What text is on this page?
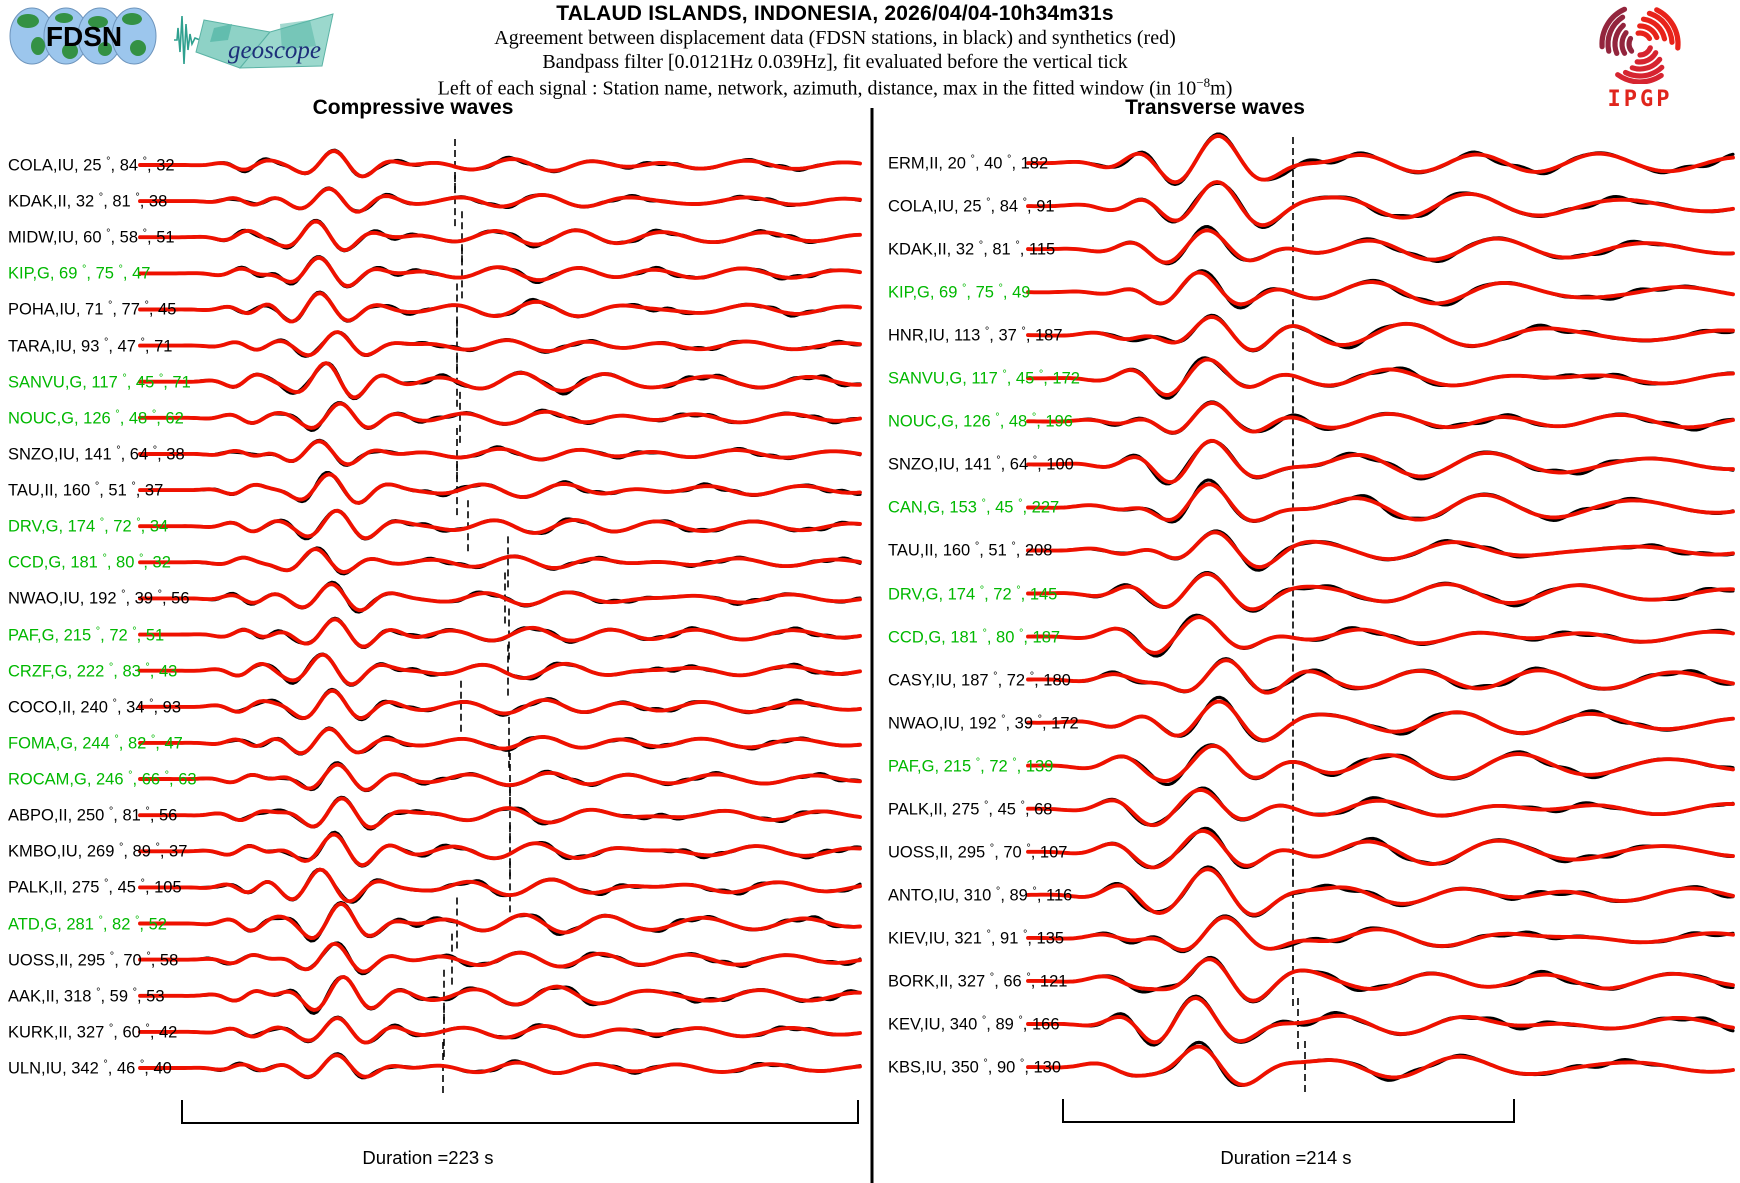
FDSN	geoscope
IPGP
TALAUD ISLANDS, INDONESIA, 2026/04/04-10h34m31s
Agreement between displacement data (FDSN stations, in black) and synthetics (red)
Bandpass filter [0.0121Hz 0.039Hz], fit evaluated before the vertical tick
Left of each signal : Station name, network, azimuth, distance, max in the fitted window (in $10^{-8}m$)
Compressive waves	Transverse waves
COLA,IU, 25 °, 84 °, 32
KDAK,II, 32 °, 81 °, 38
MIDW,IU, 60 °, 58 °, 51
KIP,G, 69 °, 75 °, 47
POHA,IU, 71 °, 77 °, 45
TARA,IU, 93 °, 47 °, 71
SANVU,G, 117 °, 45 °, 71
NOUC,G, 126 °, 48 °, 62
SNZO,IU, 141 °, 64 °, 38
TAU,II, 160 °, 51 °, 37
DRV,G, 174 °, 72 °, 34
CCD,G, 181 °, 80 °, 32
NWAO,IU, 192 °, 39 °, 56
PAF,G, 215 °, 72 °, 51
CRZF,G, 222 °, 83 °, 43
COCO,II, 240 °, 34 °, 93
FOMA,G, 244 °, 82 °, 47
ROCAM,G, 246 °, 66 °, 63
ABPO,II, 250 °, 81 °, 56
KMBO,IU, 269 °, 89 °, 37
PALK,II, 275 °, 45 °, 105
ATD,G, 281 °, 82 °, 52
UOSS,II, 295 °, 70 °, 58
AAK,II, 318 °, 59 °, 53
KURK,II, 327 °, 60 °, 42
ULN,IU, 342 °, 46 °, 40
ERM,II, 20 °, 40 °, 182
COLA,IU, 25 °, 84 °, 91
KDAK,II, 32 °, 81 °, 115
KIP,G, 69 °, 75 °, 49
HNR,IU, 113 °, 37 °, 187
SANVU,G, 117 °, 45 °, 172
NOUC,G, 126 °, 48 °, 196
SNZO,IU, 141 °, 64 °, 100
CAN,G, 153 °, 45 °, 227
TAU,II, 160 °, 51 °, 208
DRV,G, 174 °, 72 °, 145
CCD,G, 181 °, 80 °, 187
CASY,IU, 187 °, 72 °, 180
NWAO,IU, 192 °, 39 °, 172
PAF,G, 215 °, 72 °, 139
PALK,II, 275 °, 45 °, 68
UOSS,II, 295 °, 70 °, 107
ANTO,IU, 310 °, 89 °, 116
KIEV,IU, 321 °, 91 °, 135
BORK,II, 327 °, 66 °, 121
KEV,IU, 340 °, 89 °, 166
KBS,IU, 350 °, 90 °, 130
Duration =223 s	Duration =214 s
